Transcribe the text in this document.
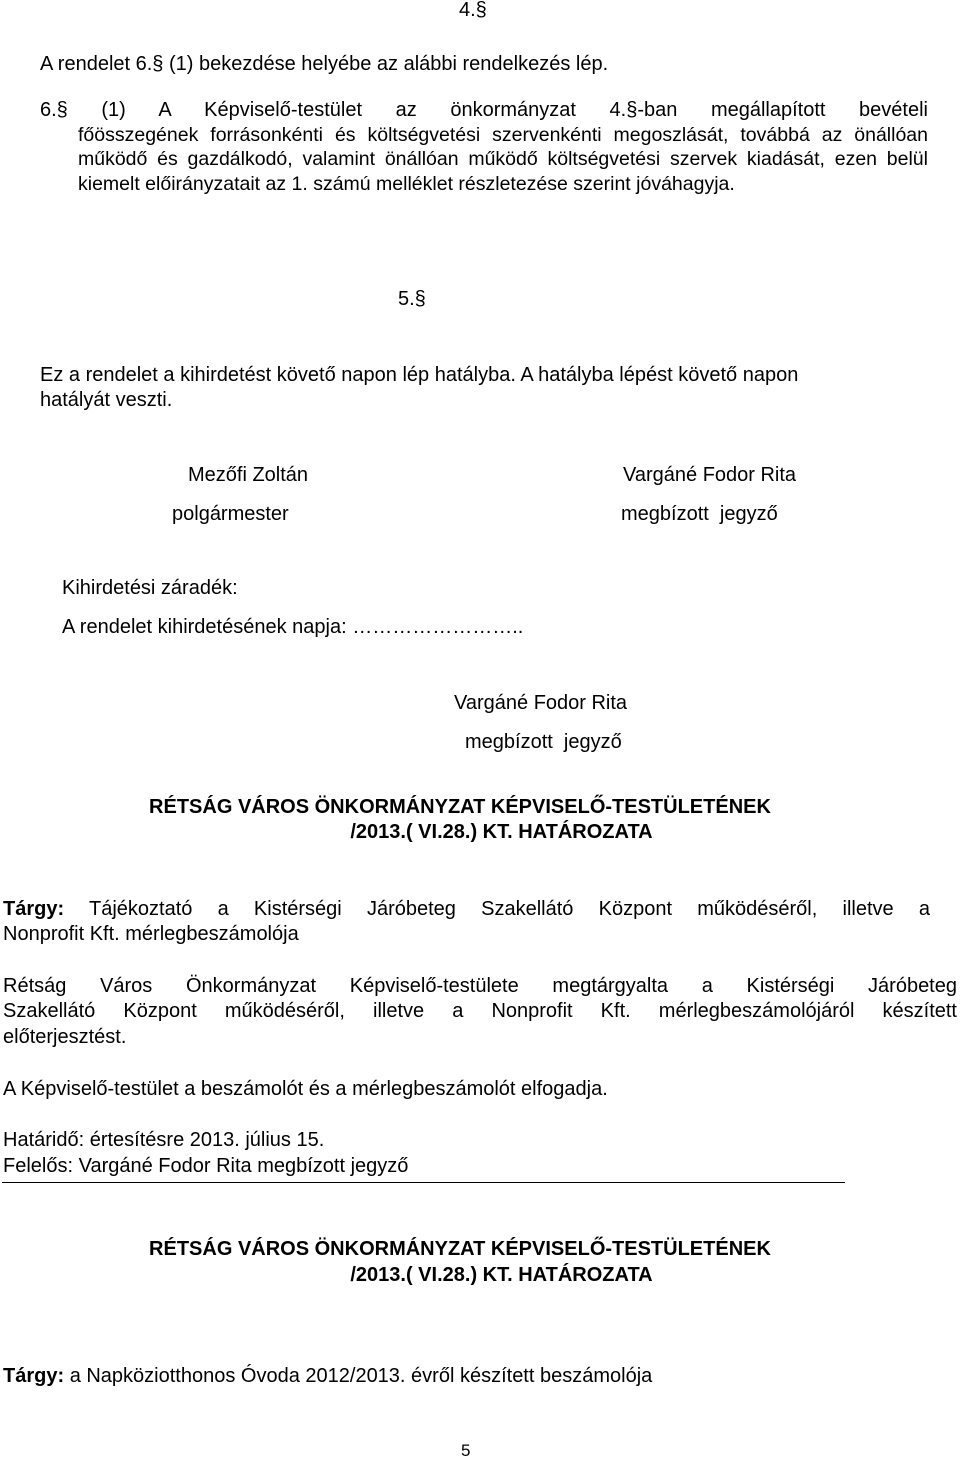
4.§

A rendelet 6.§ (1) bekezdése helyébe az alábbi rendelkezés lép.

6.§ (1) A Képviselő-testület az önkormányzat 4.§-ban megállapított bevételi

főösszegének forrásonkénti és költségvetési szervenkénti megoszlását, továbbá az önállóan működő és gazdálkodó, valamint önállóan működő költségvetési szervek kiadását, ezen belül kiemelt előirányzatait az 1. számú melléklet részletezése szerint jóváhagyja.

5.§

Ez a rendelet a kihirdetést követő napon lép hatályba. A hatályba lépést követő napon hatályát veszti.

Mezőfi Zoltán

polgármester

Vargáné Fodor Rita

megbízott  jegyző

Kihirdetési záradék:

A rendelet kihirdetésének napja: ……………………..

Vargáné Fodor Rita

megbízott  jegyző

RÉTSÁG VÁROS ÖNKORMÁNYZAT KÉPVISELŐ-TESTÜLETÉNEK

/2013.( VI.28.) KT. HATÁROZATA

Tárgy: Tájékoztató a Kistérségi Járóbeteg Szakellátó Központ működéséről, illetve a

Nonprofit Kft. mérlegbeszámolója

Rétság Város Önkormányzat Képviselő-testülete megtárgyalta a Kistérségi Járóbeteg

Szakellátó Központ működéséről, illetve a Nonprofit Kft. mérlegbeszámolójáról készített

előterjesztést.

A Képviselő-testület a beszámolót és a mérlegbeszámolót elfogadja.

Határidő: értesítésre 2013. július 15.

Felelős: Vargáné Fodor Rita megbízott jegyző

RÉTSÁG VÁROS ÖNKORMÁNYZAT KÉPVISELŐ-TESTÜLETÉNEK

/2013.( VI.28.) KT. HATÁROZATA

Tárgy: a Napköziotthonos Óvoda 2012/2013. évről készített beszámolója

5
